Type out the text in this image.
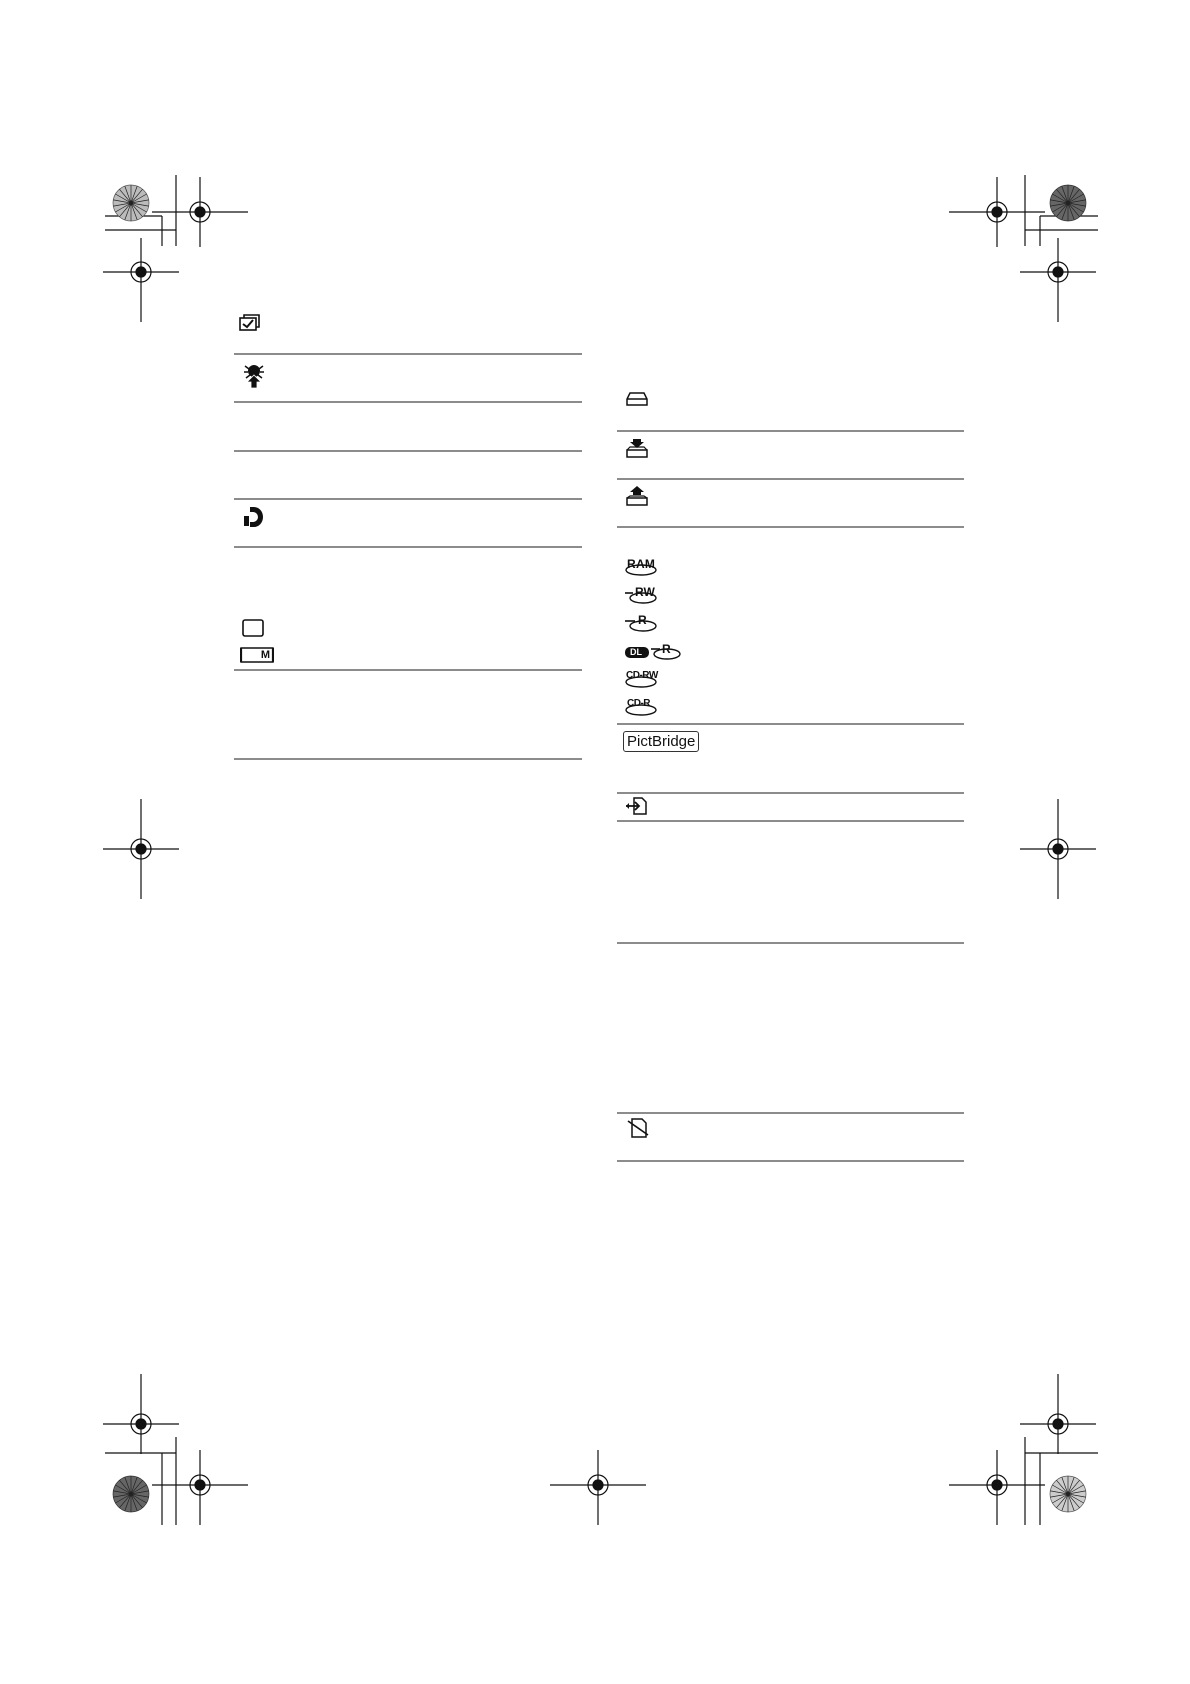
M
RAM
RW
R
R
DL
CD-RW
CD-R
PictBridge
